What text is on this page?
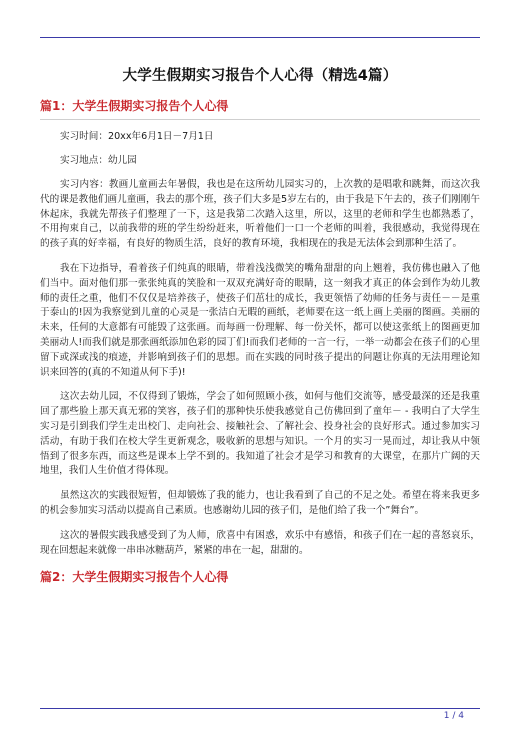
大学生假期实习报告个人心得（精选4篇）
篇1：大学生假期实习报告个人心得

实习时间：20xx年6月1日－7月1日

实习地点：幼儿园

实习内容：教画儿童画去年暑假，我也是在这所幼儿园实习的，上次教的是唱歌和跳舞，而这次我代的课是教他们画儿童画，我去的那个班，孩子们大多是5岁左右的，由于我是下午去的，孩子们刚刚午休起床，我就先帮孩子们整理了一下，这是我第二次踏入这里，所以，这里的老师和学生也都熟悉了，不用拘束自己，以前我带的班的学生纷纷赶来，听着他们一口一个老师的叫着，我很感动，我觉得现在的孩子真的好幸福，有良好的物质生活，良好的教育环境，我相现在的我是无法体会到那种生活了。

我在下边指导，看着孩子们纯真的眼睛，带着浅浅微笑的嘴角甜甜的向上翘着，我仿佛也融入了他们当中。面对他们那一张张纯真的笑脸和一双双充满好奇的眼睛，这一刻我才真正的体会到作为幼儿教师的责任之重，他们不仅仅是培养孩子，使孩子们茁壮的成长，我更领悟了幼师的任务与责任－－是重于泰山的!因为我察觉到儿童的心灵是一张洁白无暇的画纸，老师要在这一纸上画上美丽的图画。美丽的未来，任何的大意都有可能毁了这张画。而每画一份理解、每一份关怀，都可以使这张纸上的图画更加美丽动人!而我们就是那张画纸添加色彩的园丁们!而我们老师的一言一行，一举一动都会在孩子们的心里留下或深或浅的痕迹，并影响到孩子们的思想。而在实践的同时孩子提出的问题让你真的无法用理论知识来回答的(真的不知道从何下手)!

这次去幼儿园，不仅得到了锻炼，学会了如何照顾小孩，如何与他们交流等，感受最深的还是我重回了那些脸上那天真无邪的笑容，孩子们的那种快乐使我感觉自己仿佛回到了童年－ - 我明白了大学生实习是引到我们学生走出校门、走向社会、接触社会、了解社会、投身社会的良好形式。通过参加实习活动，有助于我们在校大学生更新观念，吸收新的思想与知识。一个月的实习一晃而过，却让我从中领悟到了很多东西，而这些是课本上学不到的。我知道了社会才是学习和教育的大课堂，在那片广阔的天地里，我们人生价值才得体现。

虽然这次的实践很短暂，但却锻炼了我的能力，也让我看到了自己的不足之处。希望在将来我更多的机会参加实习活动以提高自己素质。也感谢幼儿园的孩子们，是他们给了我一个”舞台”。

这次的暑假实践我感受到了为人师，欣喜中有困惑，欢乐中有感悟，和孩子们在一起的喜怒哀乐，现在回想起来就像一串串冰糖葫芦，紧紧的串在一起，甜甜的。

篇2：大学生假期实习报告个人心得
1 / 4
